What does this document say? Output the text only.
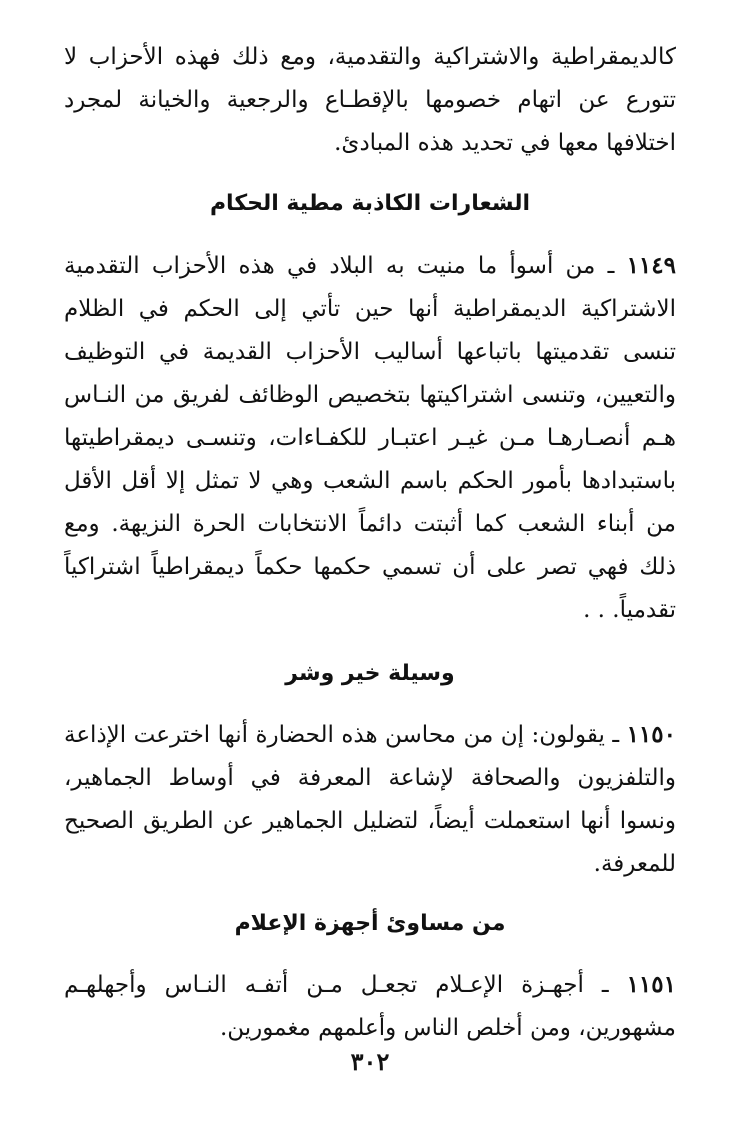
كالديمقراطية والاشتراكية والتقدمية، ومع ذلك فهذه الأحزاب لا تتورع عن اتهام خصومها بالإقطـاع والرجعية والخيانة لمجرد اختلافها معها في تحديد هذه المبادئ.

الشعارات الكاذبة مطية الحكام

١١٤٩ ـ من أسوأ ما منيت به البلاد في هذه الأحزاب التقدمية الاشتراكية الديمقراطية أنها حين تأتي إلى الحكم في الظلام تنسى تقدميتها باتباعها أساليب الأحزاب القديمة في التوظيف والتعيين، وتنسى اشتراكيتها بتخصيص الوظائف لفريق من النـاس هـم أنصـارهـا مـن غيـر اعتبـار للكفـاءات، وتنسـى ديمقراطيتها باستبدادها بأمور الحكم باسم الشعب وهي لا تمثل إلا أقل الأقل من أبناء الشعب كما أثبتت دائماً الانتخابات الحرة النزيهة. ومع ذلك فهي تصر على أن تسمي حكمها حكماً ديمقراطياً اشتراكياً تقدمياً. . .

وسيلة خير وشر

١١٥٠ ـ يقولون: إن من محاسن هذه الحضارة أنها اخترعت الإذاعة والتلفزيون والصحافة لإشاعة المعرفة في أوساط الجماهير، ونسوا أنها استعملت أيضاً، لتضليل الجماهير عن الطريق الصحيح للمعرفة.

من مساوئ أجهزة الإعلام

١١٥١ ـ أجهـزة الإعـلام تجعـل مـن أتفـه النـاس وأجهلهـم مشهورين، ومن أخلص الناس وأعلمهم مغمورين.

٣٠٢
